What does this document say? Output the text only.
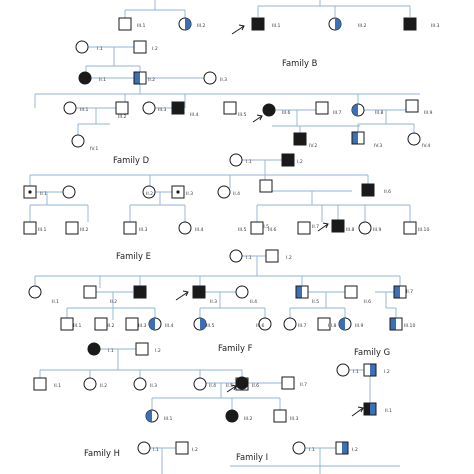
Family B
Family D
Family E
Family F	Family G
Family H	Family I
III.1	III.2	III.1	III.2	III.3
I.1	I.2
II.1	II.2	II.3
III.1
III.2
III.3
III.4
IV.1
III.5	III.6	III.7	III.8	III.9
IV.2	IV.3	IV.4
I.1	I.2
II.1	II.2	II.3	II.4
II.5
II.6
II.7
III.1	III.2	III.3	III.4	III.5	III.6	III.8	III.9	III.10
I.1	I.2
II.1	II.2	II.3	II.4	II.5	II.6
II.7
III.1	III.2	III.3	III.4	III.5	III.6	III.7	III.8	III.9	III.10
I.1	I.2
II.1	II.2	II.3	II.4 II.5	II.6	II.7
III.1	III.2	III.3
I.1	I.2
II.1
I.1	I.2	I.1	I.2
